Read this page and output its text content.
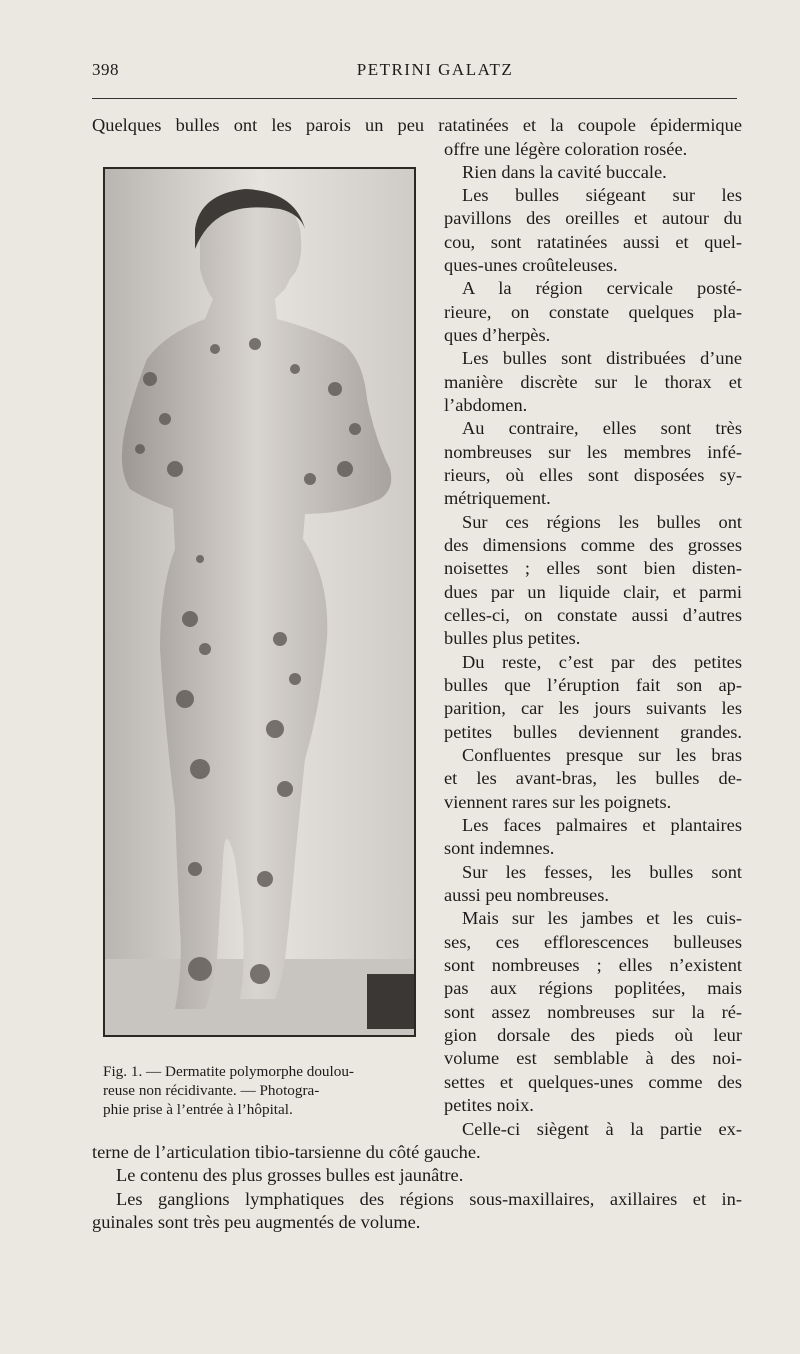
398	PETRINI GALATZ
Quelques bulles ont les parois un peu ratatinées et la coupole épidermique
offre une légère coloration rosée.
Rien dans la cavité buccale.
Les bulles siégeant sur les
pavillons des oreilles et autour du
cou, sont ratatinées aussi et quel-
ques-unes croûteleuses.
A la région cervicale posté-
rieure, on constate quelques pla-
ques d’herpès.
Les bulles sont distribuées d’une
manière discrète sur le thorax et
l’abdomen.
Au contraire, elles sont très
nombreuses sur les membres infé-
rieurs, où elles sont disposées sy-
métriquement.
Sur ces régions les bulles ont
des dimensions comme des grosses
noisettes ; elles sont bien disten-
dues par un liquide clair, et parmi
celles-ci, on constate aussi d’autres
bulles plus petites.
Du reste, c’est par des petites
bulles que l’éruption fait son ap-
parition, car les jours suivants les
petites bulles deviennent grandes.
Confluentes presque sur les bras
et les avant-bras, les bulles de-
viennent rares sur les poignets.
Les faces palmaires et plantaires
sont indemnes.
Sur les fesses, les bulles sont
aussi peu nombreuses.
Mais sur les jambes et les cuis-
ses, ces efflorescences bulleuses
sont nombreuses ; elles n’existent
pas aux régions poplitées, mais
sont assez nombreuses sur la ré-
gion dorsale des pieds où leur
volume est semblable à des noi-
settes et quelques-unes comme des
petites noix.
Celle-ci siègent à la partie ex-
terne de l’articulation tibio-tarsienne du côté gauche.
Le contenu des plus grosses bulles est jaunâtre.
Les ganglions lymphatiques des régions sous-maxillaires, axillaires et in-
guinales sont très peu augmentés de volume.
Fig. 1. — Dermatite polymorphe doulou-
reuse non récidivante. — Photogra-
phie prise à l’entrée à l’hôpital.
